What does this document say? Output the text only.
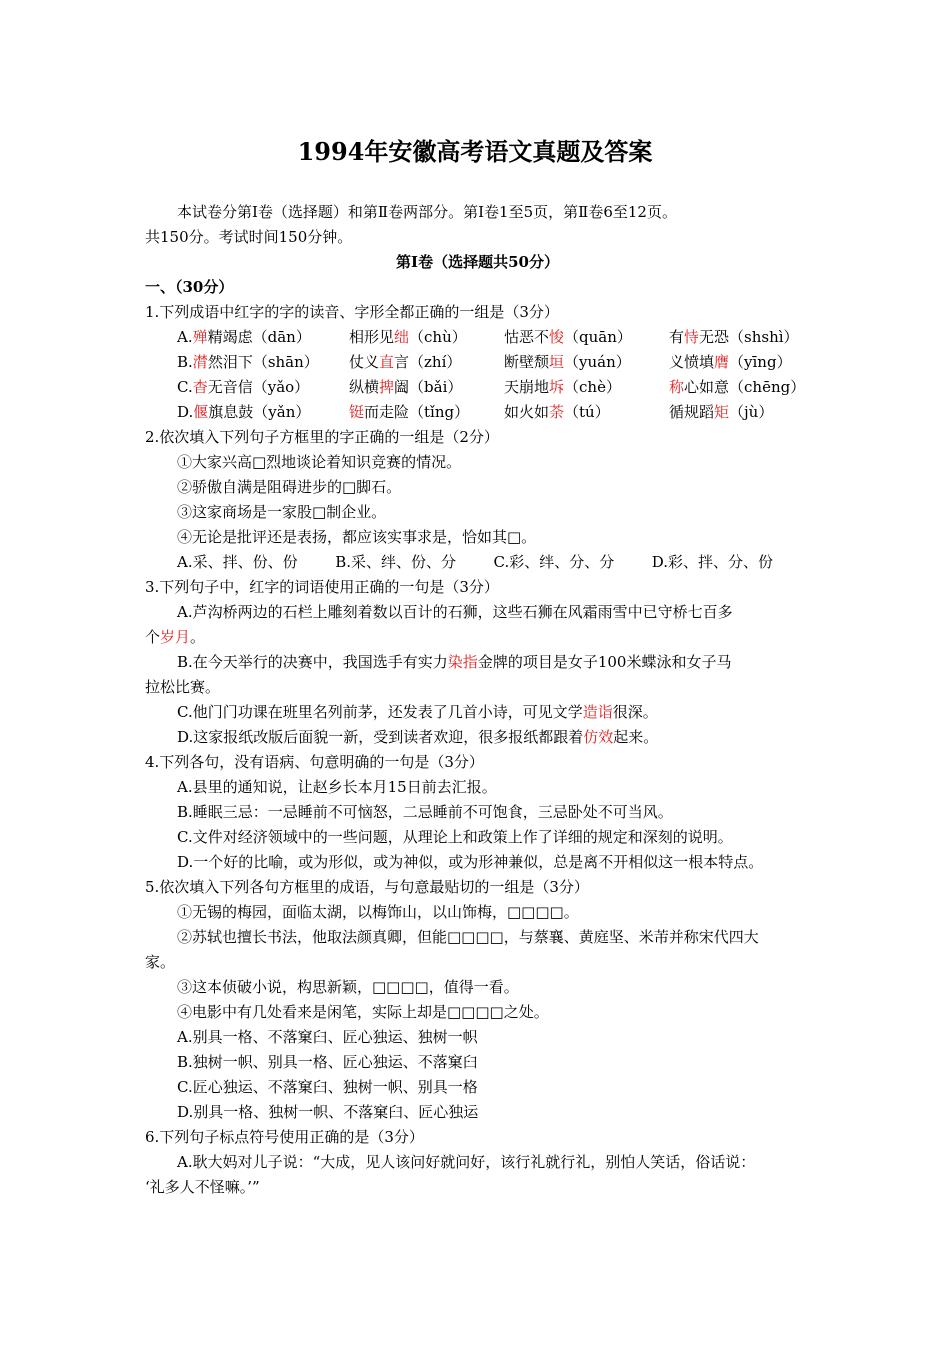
1994年安徽高考语文真题及答案
本试卷分第Ⅰ卷（选择题）和第Ⅱ卷两部分。第Ⅰ卷1至5页，第Ⅱ卷6至12页。
共150分。考试时间150分钟。
第Ⅰ卷（选择题共50分）
一、（30分）
1.下列成语中红字的字的读音、字形全都正确的一组是（3分）
A.殚精竭虑（dān）	相形见绌（chù）	怙恶不悛（quān）	有恃无恐（shshì）
B.潸然泪下（shān）	仗义直言（zhí）	断壁颓垣（yuán）	义愤填膺（yīng）
C.杳无音信（yǎo）	纵横捭阖（bǎi）	天崩地坼（chè）	称心如意（chēng）
D.偃旗息鼓（yǎn）	铤而走险（tǐng）	如火如荼（tú）	循规蹈矩（jù）
2.依次填入下列句子方框里的字正确的一组是（2分）
①大家兴高□烈地谈论着知识竞赛的情况。
②骄傲自满是阻碍进步的□脚石。
③这家商场是一家股□制企业。
④无论是批评还是表扬，都应该实事求是，恰如其□。
A.采、拌、份、份	B.采、绊、份、分	C.彩、绊、分、分	D.彩、拌、分、份
3.下列句子中，红字的词语使用正确的一句是（3分）
A.芦沟桥两边的石栏上雕刻着数以百计的石狮，这些石狮在风霜雨雪中已守桥七百多
个岁月。
B.在今天举行的决赛中，我国选手有实力染指金牌的项目是女子100米蝶泳和女子马
拉松比赛。
C.他门门功课在班里名列前茅，还发表了几首小诗，可见文学造诣很深。
D.这家报纸改版后面貌一新，受到读者欢迎，很多报纸都跟着仿效起来。
4.下列各句，没有语病、句意明确的一句是（3分）
A.县里的通知说，让赵乡长本月15日前去汇报。
B.睡眠三忌：一忌睡前不可恼怒，二忌睡前不可饱食，三忌卧处不可当风。
C.文件对经济领域中的一些问题，从理论上和政策上作了详细的规定和深刻的说明。
D.一个好的比喻，或为形似，或为神似，或为形神兼似，总是离不开相似这一根本特点。
5.依次填入下列各句方框里的成语，与句意最贴切的一组是（3分）
①无锡的梅园，面临太湖，以梅饰山，以山饰梅，□□□□。
②苏轼也擅长书法，他取法颜真卿，但能□□□□，与蔡襄、黄庭坚、米芾并称宋代四大
家。
③这本侦破小说，构思新颖，□□□□，值得一看。
④电影中有几处看来是闲笔，实际上却是□□□□之处。
A.别具一格、不落窠臼、匠心独运、独树一帜
B.独树一帜、别具一格、匠心独运、不落窠臼
C.匠心独运、不落窠臼、独树一帜、别具一格
D.别具一格、独树一帜、不落窠臼、匠心独运
6.下列句子标点符号使用正确的是（3分）
A.耿大妈对儿子说：“大成，见人该问好就问好，该行礼就行礼，别怕人笑话，俗话说：
‘礼多人不怪嘛。’”
